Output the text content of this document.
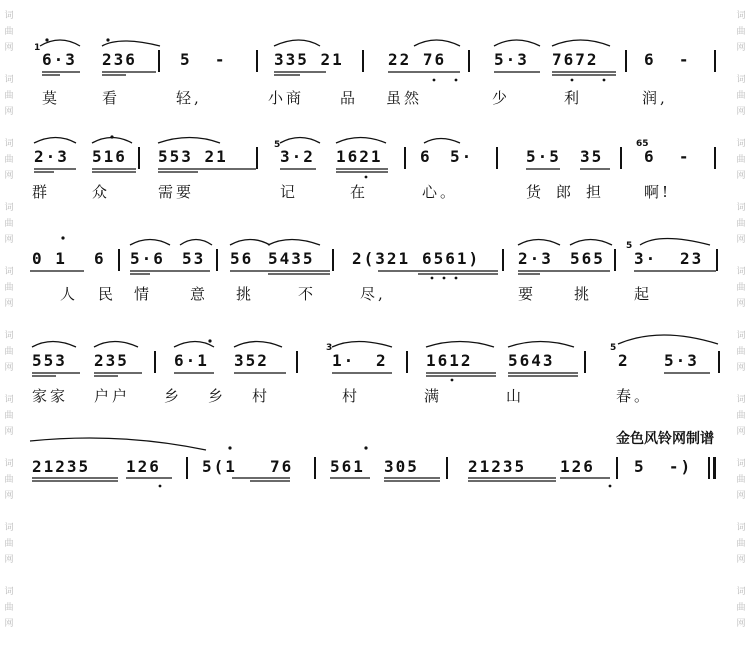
词
曲
网

词
曲
网

词
曲
网

词
曲
网

词
曲
网

词
曲
网

词
曲
网

词
曲
网

词
曲
网

词
曲
网

词
曲
网

词
曲
网

词
曲
网

词
曲
网

词
曲
网

词
曲
网

词
曲
网

词
曲
网

词
曲
网

词
曲
网

1
6·3 236	5  -	335 21	22 76	5·3 7672	6  -
莫	看	轻,	小商 品 虽然	少	利	润,
2·3 516 553 21
5
3·2 1621 6 5·	5·5 35
65
6  -
群	众	需要	记	在	心。	货 郎 担	啊!
0 1 6 5·6 53 56 5435 2(321 6561) 2·3 565
5
3· 23
人 民 情	意 挑	不	尽,	要	挑	起
553 235	6·1 352
3
1· 2 1612 5643
5
2 5·3
家家 户户 乡 乡 村	村	满	山	春。
金色风铃网制谱
21235 126	5(1 76 561 305	21235 126 5  -)
